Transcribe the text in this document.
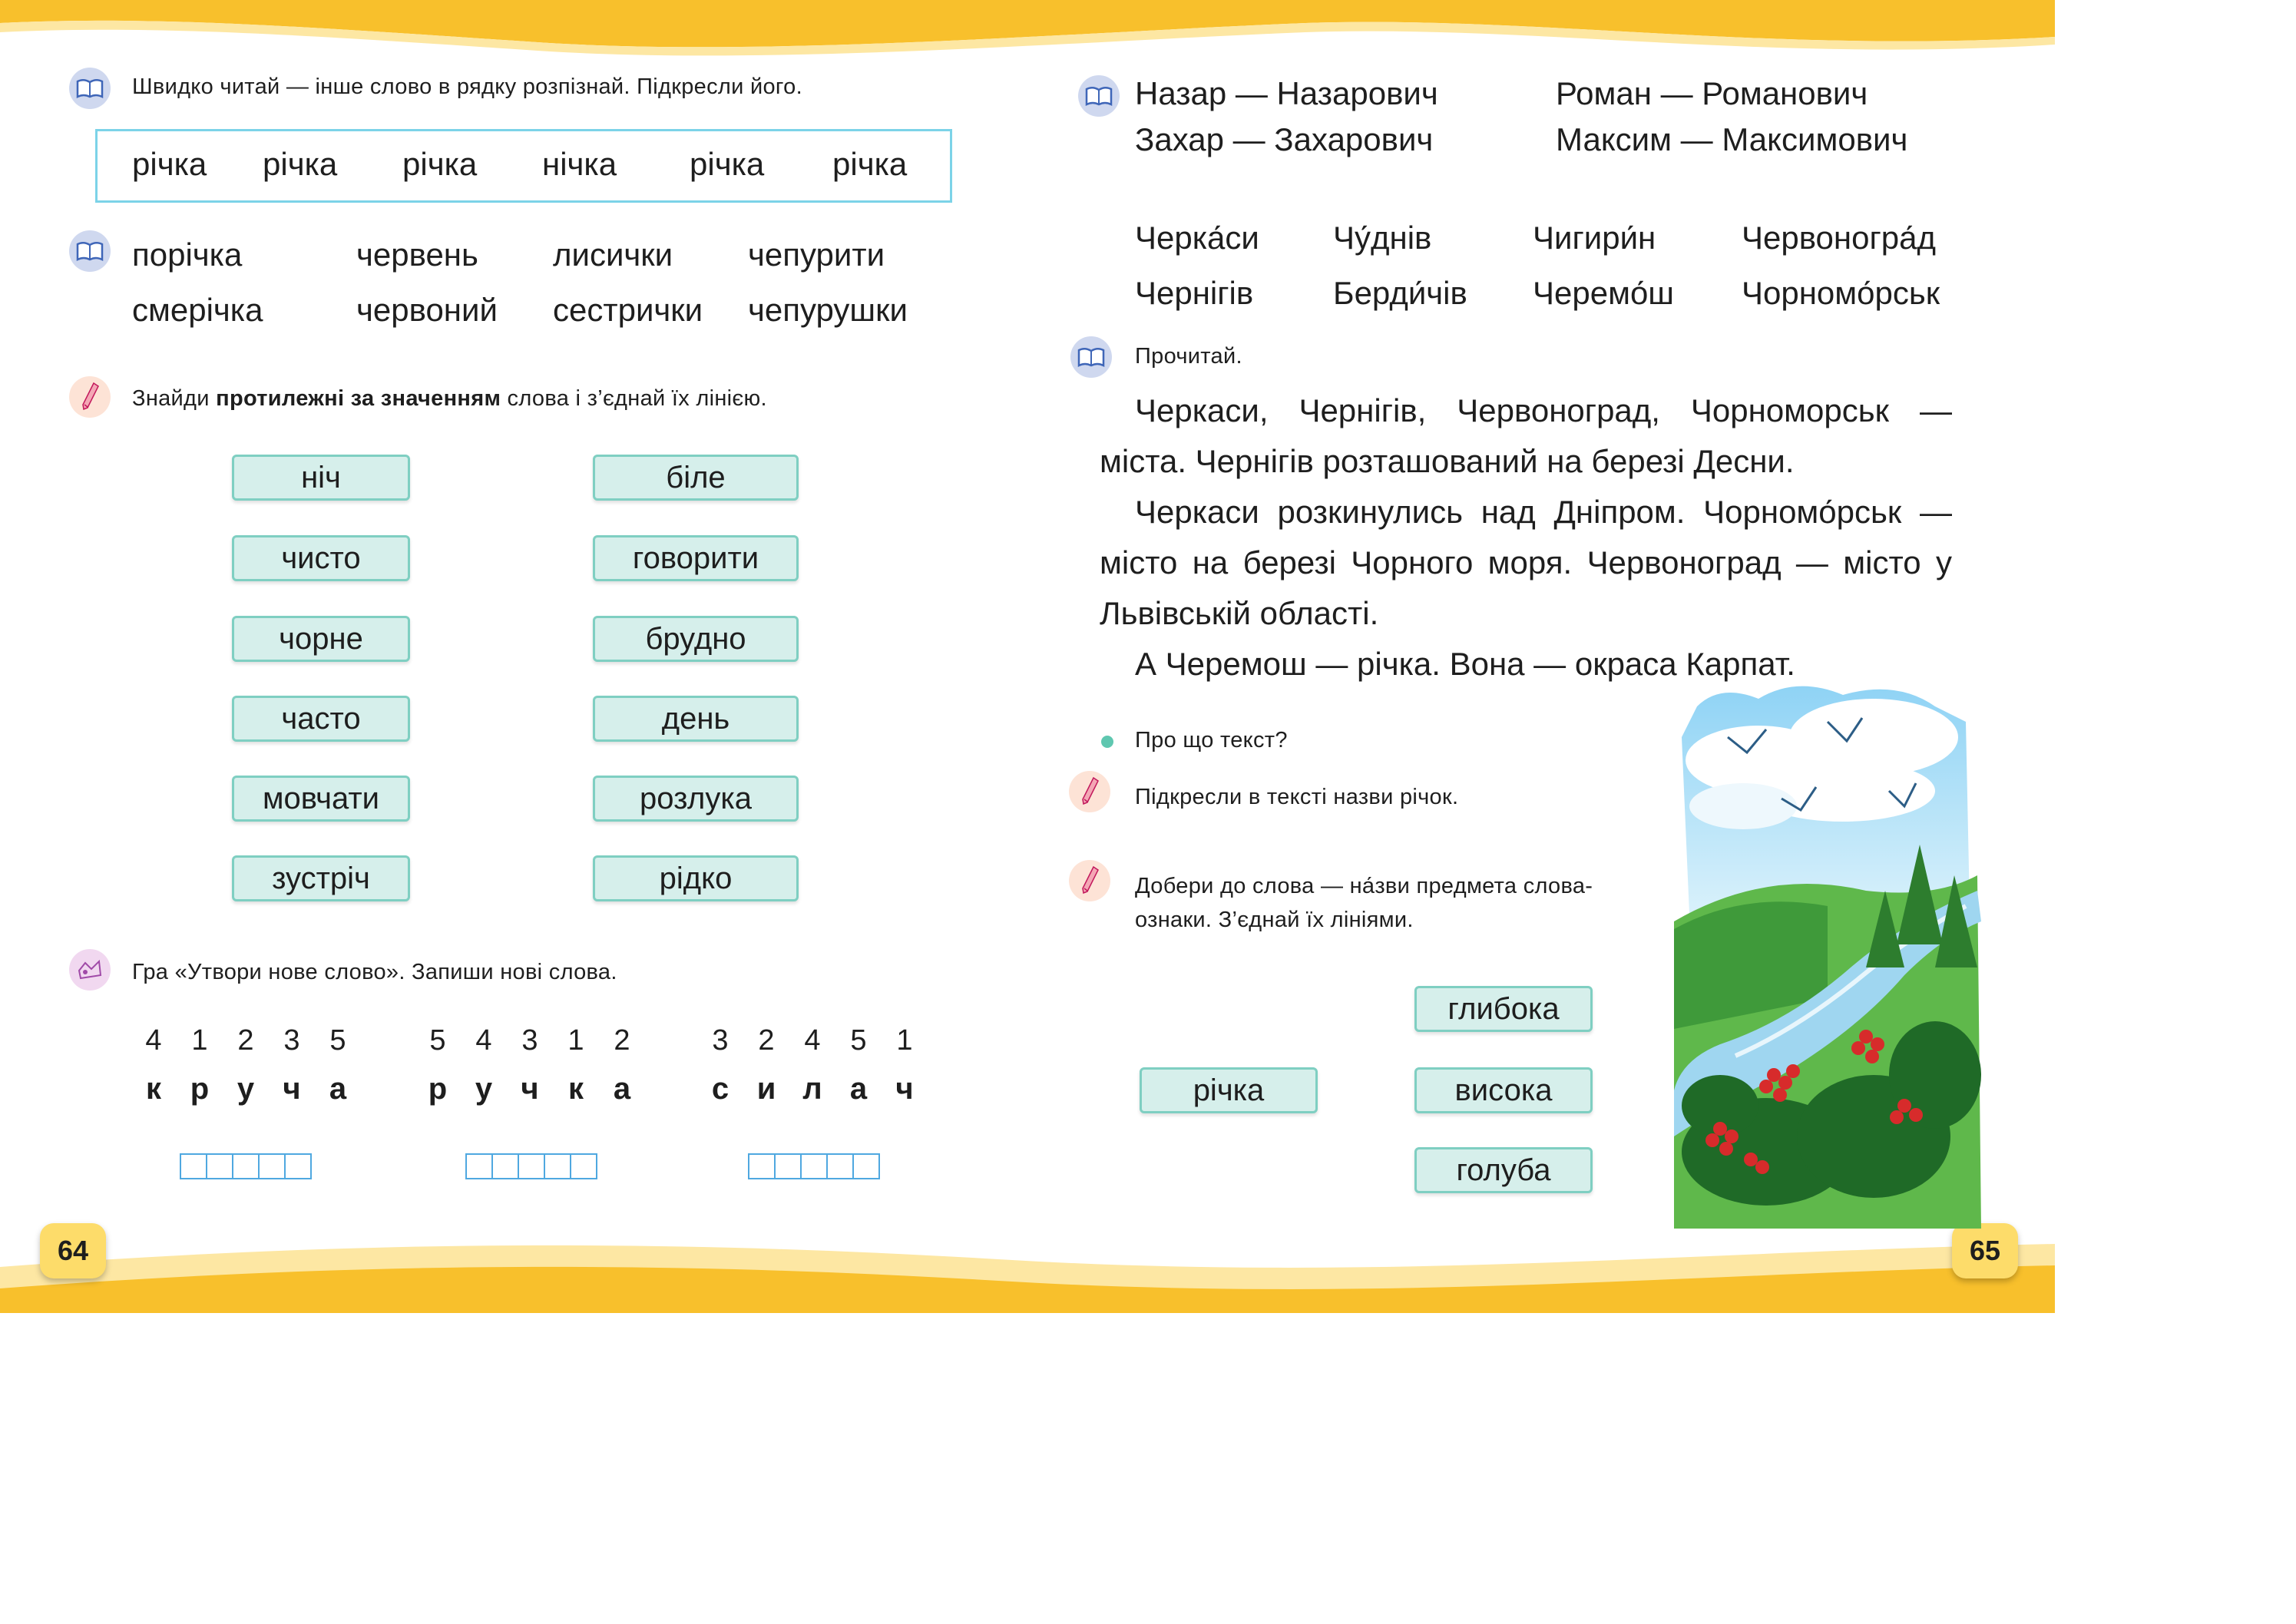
64	65
Швидко читай — інше слово в рядку розпізнай. Підкресли його.
річка річка річка нічка річка річка
порічка	червень лисички чепурити
смерічка	червоний сестрички чепурушки
Знайди протилежні за значенням слова і з’єднай їх лінією.
ніч
чисто
чорне
часто
мовчати
зустріч
біле
говорити
брудно
день
розлука
рідко
Гра «Утвори нове слово». Запиши нові слова.
4	1	2	3	5
к р у ч а
5	4	3	1	2
р у ч к а
3	2	4	5	1
с и л а ч
Назар — Назарович	Роман — Романович
Захар — Захарович	Максим — Максимович
Черка́си Чу́днів	Чигири́н	Червоногра́д
Чернігів Берди́чів Черемо́ш Чорномо́рськ
Прочитай.

Черкаси, Чернігів, Червоноград, Чорноморськ — міста. Чернігів розташований на березі Десни.

Черкаси розкинулись над Дніпром. Чорномо́рськ — місто на березі Чорного моря. Червоноград — місто у Львівській області.

А Черемош — річка. Вона — окраса Карпат.

Про що текст?
Підкресли в тексті назви річок.
Добери до слова — на́зви предмета слова-
ознаки. З’єднай їх лініями.
річка
глибока
висока
голуба
